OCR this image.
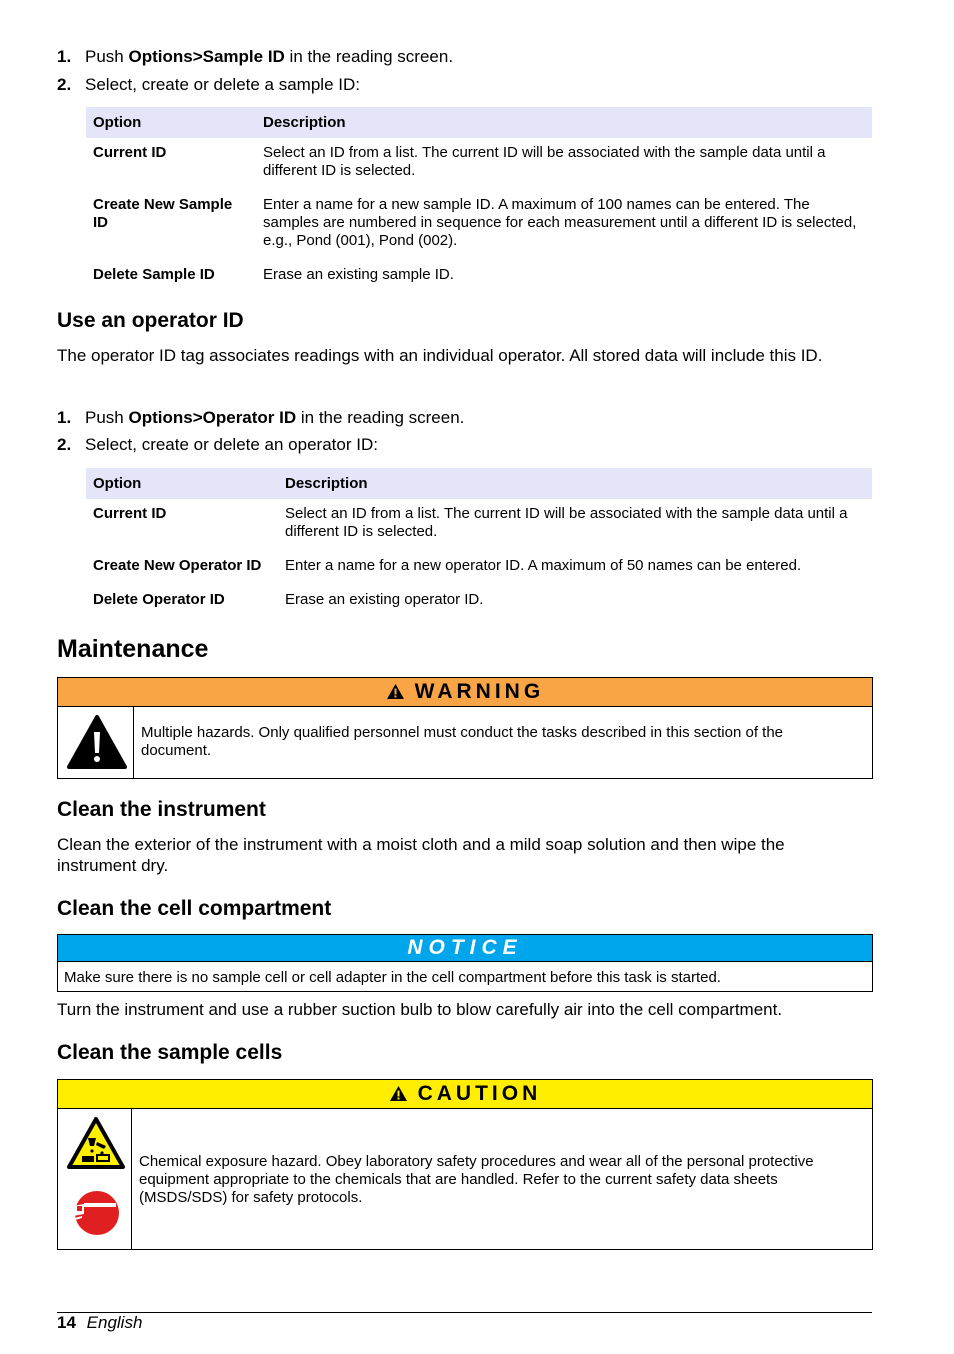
1. Push Options>Sample ID in the reading screen.
2. Select, create or delete a sample ID:
Option	Description
Current ID	Select an ID from a list. The current ID will be associated with the sample data until a different ID is selected.
Create New Sample ID	Enter a name for a new sample ID. A maximum of 100 names can be entered. The samples are numbered in sequence for each measurement until a different ID is selected, e.g., Pond (001), Pond (002).
Delete Sample ID	Erase an existing sample ID.
Use an operator ID

The operator ID tag associates readings with an individual operator. All stored data will include this ID.

1. Push Options>Operator ID in the reading screen.
2. Select, create or delete an operator ID:
Option	Description
Current ID	Select an ID from a list. The current ID will be associated with the sample data until a different ID is selected.
Create New Operator ID	Enter a name for a new operator ID. A maximum of 50 names can be entered.
Delete Operator ID	Erase an existing operator ID.
Maintenance
WARNING
Multiple hazards. Only qualified personnel must conduct the tasks described in this section of the document.
Clean the instrument

Clean the exterior of the instrument with a moist cloth and a mild soap solution and then wipe the instrument dry.

Clean the cell compartment
NOTICE
Make sure there is no sample cell or cell adapter in the cell compartment before this task is started.

Turn the instrument and use a rubber suction bulb to blow carefully air into the cell compartment.

Clean the sample cells
CAUTION
Chemical exposure hazard. Obey laboratory safety procedures and wear all of the personal protective equipment appropriate to the chemicals that are handled. Refer to the current safety data sheets (MSDS/SDS) for safety protocols.
14 English
